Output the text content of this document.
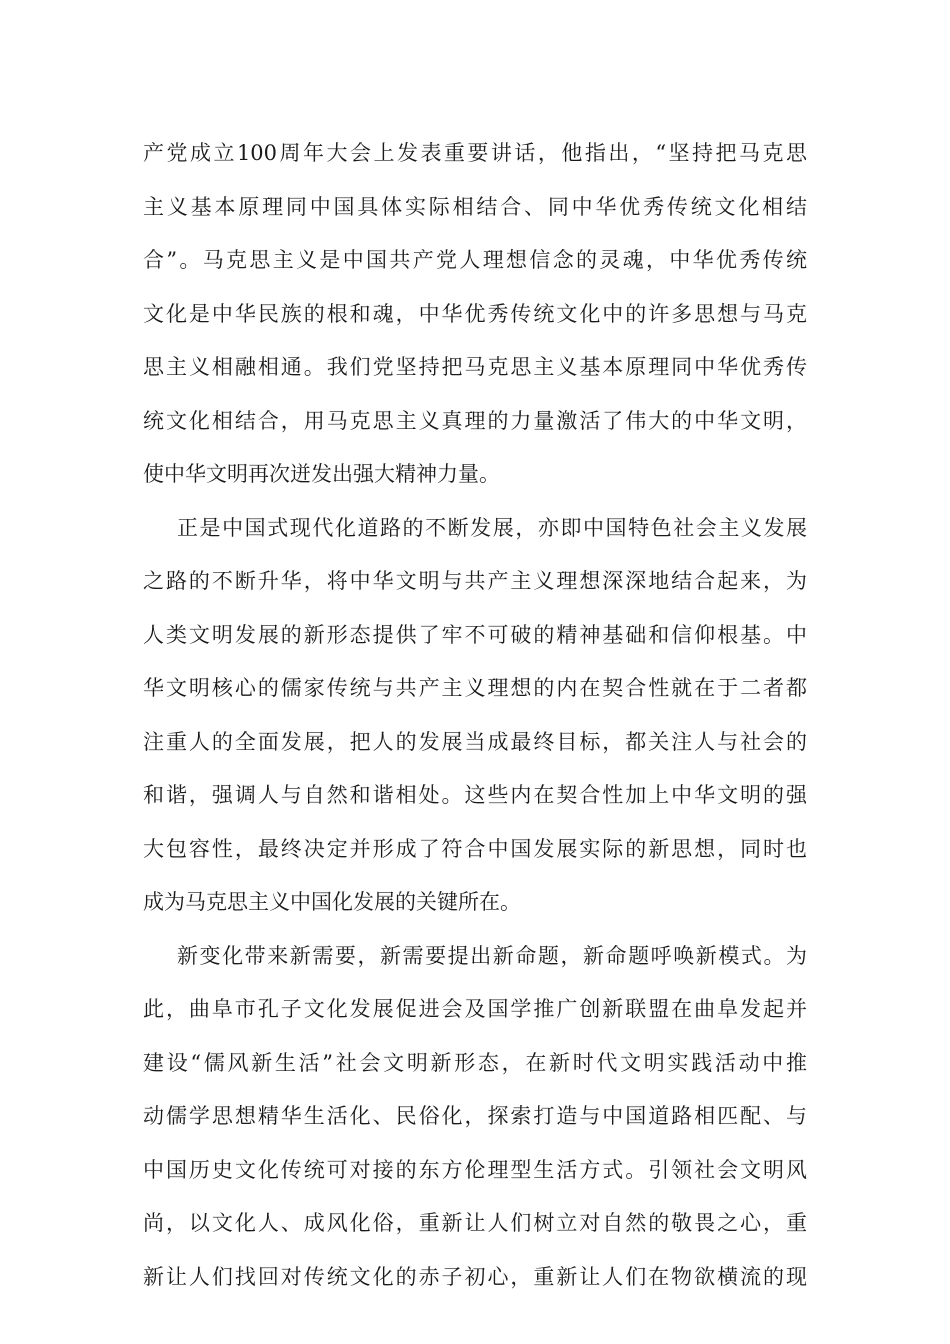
产党成立100周年大会上发表重要讲话，他指出，“坚持把马克思
主义基本原理同中国具体实际相结合、同中华优秀传统文化相结
合”。马克思主义是中国共产党人理想信念的灵魂，中华优秀传统
文化是中华民族的根和魂，中华优秀传统文化中的许多思想与马克
思主义相融相通。我们党坚持把马克思主义基本原理同中华优秀传
统文化相结合，用马克思主义真理的力量激活了伟大的中华文明，
使中华文明再次迸发出强大精神力量。
正是中国式现代化道路的不断发展，亦即中国特色社会主义发展
之路的不断升华，将中华文明与共产主义理想深深地结合起来，为
人类文明发展的新形态提供了牢不可破的精神基础和信仰根基。中
华文明核心的儒家传统与共产主义理想的内在契合性就在于二者都
注重人的全面发展，把人的发展当成最终目标，都关注人与社会的
和谐，强调人与自然和谐相处。这些内在契合性加上中华文明的强
大包容性，最终决定并形成了符合中国发展实际的新思想，同时也
成为马克思主义中国化发展的关键所在。
新变化带来新需要，新需要提出新命题，新命题呼唤新模式。为
此，曲阜市孔子文化发展促进会及国学推广创新联盟在曲阜发起并
建设“儒风新生活”社会文明新形态，在新时代文明实践活动中推
动儒学思想精华生活化、民俗化，探索打造与中国道路相匹配、与
中国历史文化传统可对接的东方伦理型生活方式。引领社会文明风
尚，以文化人、成风化俗，重新让人们树立对自然的敬畏之心，重
新让人们找回对传统文化的赤子初心，重新让人们在物欲横流的现
